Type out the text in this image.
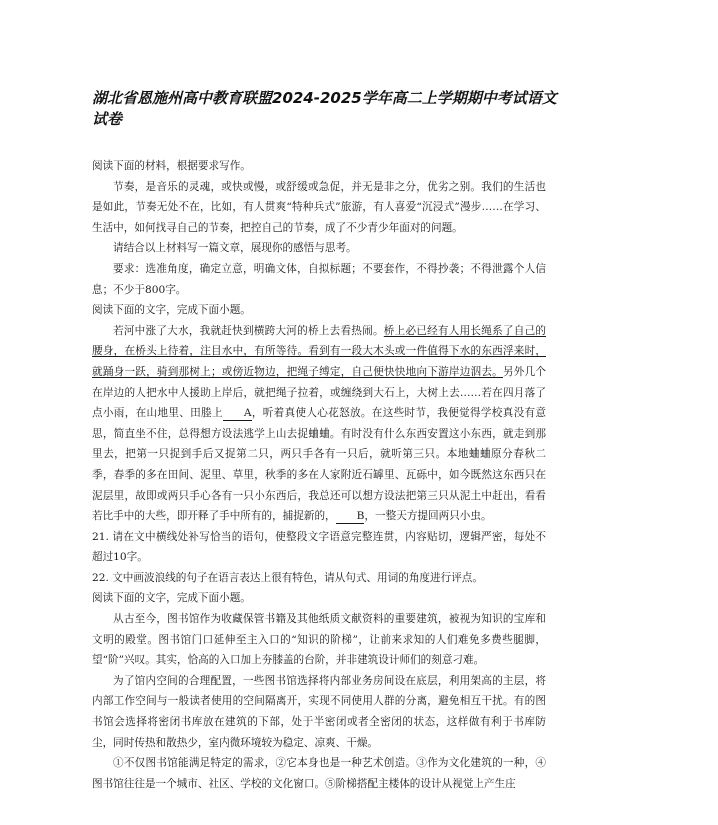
湖北省恩施州高中教育联盟2024-2025学年高二上学期期中考试语文试卷

阅读下面的材料，根据要求写作。

节奏，是音乐的灵魂，或快或慢，或舒缓或急促，并无是非之分，优劣之别。我们的生活也是如此，节奏无处不在，比如，有人贯爽“特种兵式”旅游，有人喜爱“沉浸式”漫步……在学习、生活中，如何找寻自己的节奏，把控自己的节奏，成了不少青少年面对的问题。

请结合以上材料写一篇文章，展现你的感悟与思考。

要求：选准角度，确定立意，明确文体，自拟标题；不要套作，不得抄袭；不得泄露个人信息；不少于800字。

阅读下面的文字，完成下面小题。

若河中涨了大水，我就赶快到横跨大河的桥上去看热闹。桥上必已经有人用长绳系了自己的腰身，在桥头上待着，注目水中，有所等待。看到有一段大木头或一件值得下水的东西浮来时，就踊身一跃，骑到那树上；或傍近物边，把绳子缚定，自己便快快地向下游岸边泅去。另外几个在岸边的人把水中人援助上岸后，就把绳子拉着，或缠绕到大石上，大树上去……若在四月落了点小雨，在山地里、田塍上 A，听着真使人心花怒放。在这些时节，我便觉得学校真没有意思，简直坐不住，总得想方设法逃学上山去捉蛐蛐。有时没有什么东西安置这小东西，就走到那里去，把第一只捉到手后又捉第二只，两只手各有一只后，就听第三只。本地蛐蛐原分春秋二季，春季的多在田间、泥里、草里，秋季的多在人家附近石罅里、瓦砾中，如今既然这东西只在泥层里，故即或两只手心各有一只小东西后，我总还可以想方设法把第三只从泥土中赶出，看看若比手中的大些，即开释了手中所有的，捕捉新的， B，一整天方提回两只小虫。

21. 请在文中横线处补写恰当的语句，使整段文字语意完整连贯，内容贴切，逻辑严密，每处不超过10字。

22. 文中画波浪线的句子在语言表达上很有特色，请从句式、用词的角度进行评点。

阅读下面的文字，完成下面小题。

从古至今，图书馆作为收藏保管书籍及其他纸质文献资料的重要建筑，被视为知识的宝库和文明的殿堂。图书馆门口延伸至主入口的“知识的阶梯”，让前来求知的人们难免多费些腿脚，望“阶”兴叹。其实，恰高的入口加上夯膝盖的台阶，并非建筑设计师们的刻意刁难。

为了馆内空间的合理配置，一些图书馆选择将内部业务房间设在底层，利用架高的主层，将内部工作空间与一般读者使用的空间隔离开，实现不同使用人群的分离，避免相互干扰。有的图书馆会选择将密闭书库放在建筑的下部，处于半密闭或者全密闭的状态，这样做有利于书库防尘，同时传热和散热少，室内微环境较为稳定、凉爽、干燥。

①不仅图书馆能满足特定的需求，②它本身也是一种艺术创造。③作为文化建筑的一种，④图书馆往往是一个城市、社区、学校的文化窗口。⑤阶梯搭配主楼体的设计从视觉上产生庄
